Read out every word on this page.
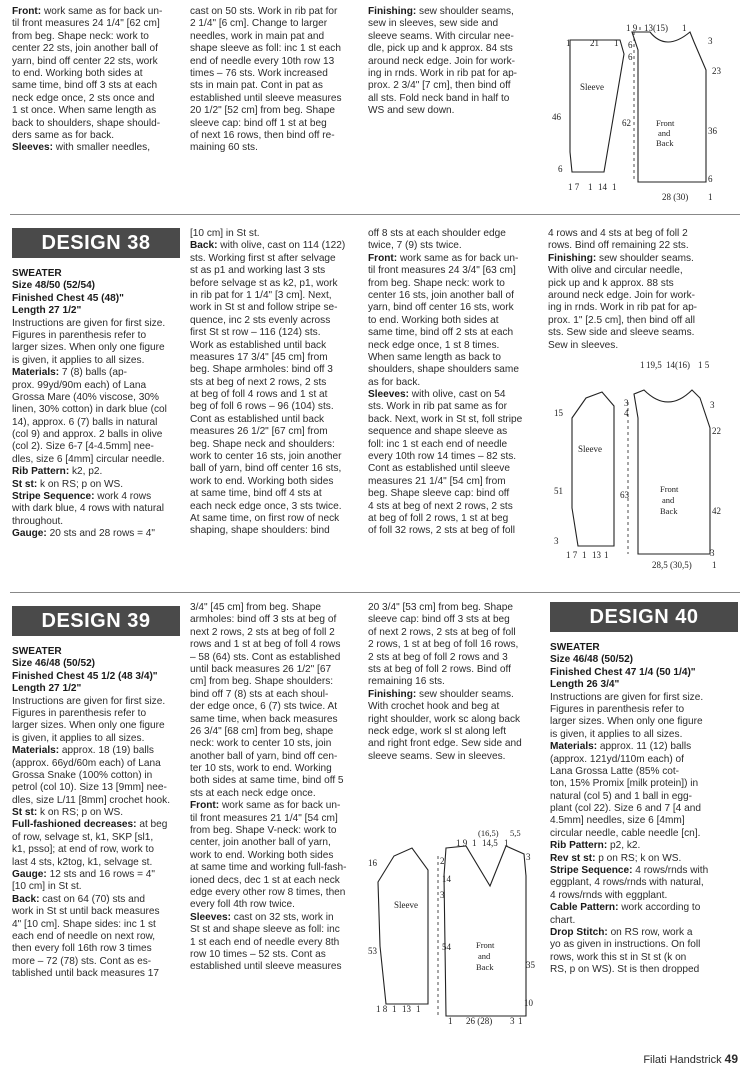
Front: work same as for back un-
til front measures 24 1/4" [62 cm]
from beg. Shape neck: work to
center 22 sts, join another ball of
yarn, bind off center 22 sts, work
to end. Working both sides at
same time, bind off 3 sts at each
neck edge once, 2 sts once and
1 st once. When same length as
back to shoulders, shape should-
ders same as for back.
Sleeves: with smaller needles,
cast on 50 sts. Work in rib pat for
2 1/4" [6 cm]. Change to larger
needles, work in main pat and
shape sleeve as foll: inc 1 st each
end of needle every 10th row 13
times – 76 sts. Work increased
sts in main pat. Cont in pat as
established until sleeve measures
20 1/2" [52 cm] from beg. Shape
sleeve cap: bind off 1 st at beg
of next 16 rows, then bind off re-
maining 60 sts.
Finishing: sew shoulder seams,
sew in sleeves, sew side and
sleeve seams. With circular nee-
dle, pick up and k approx. 84 sts
around neck edge. Join for work-
ing in rnds. Work in rib pat for ap-
prox. 2 3/4" [7 cm], then bind off
all sts. Fold neck band in half to
WS and sew down.
1 9 13(15) 1
6
1 21 1
6
3
23
46
Sleeve
62	Front
and
Back
36
6
6
1 7 1 14 1
28 (30) 1
DESIGN 38
SWEATER
Size 48/50 (52/54)
Finished Chest 45 (48)"
Length 27 1/2"
Instructions are given for first size.
Figures in parenthesis refer to
larger sizes. When only one figure
is given, it applies to all sizes.
Materials: 7 (8) balls (ap-
prox. 99yd/90m each) of Lana
Grossa Mare (40% viscose, 30%
linen, 30% cotton) in dark blue (col
14), approx. 6 (7) balls in natural
(col 9) and approx. 2 balls in olive
(col 2). Size 6-7 [4-4.5mm] nee-
dles, size 6 [4mm] circular needle.
Rib Pattern: k2, p2.
St st: k on RS; p on WS.
Stripe Sequence: work 4 rows
with dark blue, 4 rows with natural
throughout.
Gauge: 20 sts and 28 rows = 4"
[10 cm] in St st.
Back: with olive, cast on 114 (122)
sts. Working first st after selvage
st as p1 and working last 3 sts
before selvage st as k2, p1, work
in rib pat for 1 1/4" [3 cm]. Next,
work in St st and follow stripe se-
quence, inc 2 sts evenly across
first St st row – 116 (124) sts.
Work as established until back
measures 17 3/4" [45 cm] from
beg. Shape armholes: bind off 3
sts at beg of next 2 rows, 2 sts
at beg of foll 4 rows and 1 st at
beg of foll 6 rows – 96 (104) sts.
Cont as established until back
measures 26 1/2" [67 cm] from
beg. Shape neck and shoulders:
work to center 16 sts, join another
ball of yarn, bind off center 16 sts,
work to end. Working both sides
at same time, bind off 4 sts at
each neck edge once, 3 sts twice.
At same time, on first row of neck
shaping, shape shoulders: bind
off 8 sts at each shoulder edge
twice, 7 (9) sts twice.
Front: work same as for back un-
til front measures 24 3/4" [63 cm]
from beg. Shape neck: work to
center 16 sts, join another ball of
yarn, bind off center 16 sts, work
to end. Working both sides at
same time, bind off 2 sts at each
neck edge once, 1 st 8 times.
When same length as back to
shoulders, shape shoulders same
as for back.
Sleeves: with olive, cast on 54
sts. Work in rib pat same as for
back. Next, work in St st, foll stripe
sequence and shape sleeve as
foll: inc 1 st each end of needle
every 10th row 14 times – 82 sts.
Cont as established until sleeve
measures 21 1/4" [54 cm] from
beg. Shape sleeve cap: bind off
4 sts at beg of next 2 rows, 2 sts
at beg of foll 2 rows, 1 st at beg
of foll 32 rows, 2 sts at beg of foll
4 rows and 4 sts at beg of foll 2
rows. Bind off remaining 22 sts.
Finishing: sew shoulder seams.
With olive and circular needle,
pick up and k approx. 88 sts
around neck edge. Join for work-
ing in rnds. Work in rib pat for ap-
prox. 1" [2.5 cm], then bind off all
sts. Sew side and sleeve seams.
Sew in sleeves.
19,5 14(16) 1 5
1
15
3
4
3
22
Sleeve
51	63
Front
and
Back	42
3
1 7 1 13 1	3
28,5 (30,5) 1
DESIGN 39
SWEATER
Size 46/48 (50/52)
Finished Chest 45 1/2 (48 3/4)"
Length 27 1/2"
Instructions are given for first size.
Figures in parenthesis refer to
larger sizes. When only one figure
is given, it applies to all sizes.
Materials: approx. 18 (19) balls
(approx. 66yd/60m each) of Lana
Grossa Snake (100% cotton) in
petrol (col 10). Size 13 [9mm] nee-
dles, size L/11 [8mm] crochet hook.
St st: k on RS; p on WS.
Full-fashioned decreases: at beg
of row, selvage st, k1, SKP [sl1,
k1, psso]; at end of row, work to
last 4 sts, k2tog, k1, selvage st.
Gauge: 12 sts and 16 rows = 4"
[10 cm] in St st.
Back: cast on 64 (70) sts and
work in St st until back measures
4" [10 cm]. Shape sides: inc 1 st
each end of needle on next row,
then every foll 16th row 3 times
more – 72 (78) sts. Cont as es-
tablished until back measures 17
3/4" [45 cm] from beg. Shape
armholes: bind off 3 sts at beg of
next 2 rows, 2 sts at beg of foll 2
rows and 1 st at beg of foll 4 rows
– 58 (64) sts. Cont as established
until back measures 26 1/2" [67
cm] from beg. Shape shoulders:
bind off 7 (8) sts at each shoul-
der edge once, 6 (7) sts twice. At
same time, when back measures
26 3/4" [68 cm] from beg, shape
neck: work to center 10 sts, join
another ball of yarn, bind off cen-
ter 10 sts, work to end. Working
both sides at same time, bind off 5
sts at each neck edge once.
Front: work same as for back un-
til front measures 21 1/4" [54 cm]
from beg. Shape V-neck: work to
center, join another ball of yarn,
work to end. Working both sides
at same time and working full-fash-
ioned decs, dec 1 st at each neck
edge every other row 8 times, then
every foll 4th row twice.
Sleeves: cast on 32 sts, work in
St st and shape sleeve as foll: inc
1 st each end of needle every 8th
row 10 times – 52 sts. Cont as
established until sleeve measures
20 3/4" [53 cm] from beg. Shape
sleeve cap: bind off 3 sts at beg
of next 2 rows, 2 sts at beg of foll
2 rows, 1 st at beg of foll 16 rows,
2 sts at beg of foll 2 rows and 3
sts at beg of foll 2 rows. Bind off
remaining 16 sts.
Finishing: sew shoulder seams.
With crochet hook and beg at
right shoulder, work sc along back
neck edge, work sl st along left
and right front edge. Sew side and
sleeve seams. Sew in sleeves.
(16,5) 5,5
1 9 1 14,5 1
16	2
14
3
3
Sleeve
53	54	Front
and
Back	35
1 8 1 13 1
10
1 26 (28) 3 1
DESIGN 40
SWEATER
Size 46/48 (50/52)
Finished Chest 47 1/4 (50 1/4)"
Length 26 3/4"
Instructions are given for first size.
Figures in parenthesis refer to
larger sizes. When only one figure
is given, it applies to all sizes.
Materials: approx. 11 (12) balls
(approx. 121yd/110m each) of
Lana Grossa Latte (85% cot-
ton, 15% Promix [milk protein]) in
natural (col 5) and 1 ball in egg-
plant (col 22). Size 6 and 7 [4 and
4.5mm] needles, size 6 [4mm]
circular needle, cable needle [cn].
Rib Pattern: p2, k2.
Rev st st: p on RS; k on WS.
Stripe Sequence: 4 rows/rnds with
eggplant, 4 rows/rnds with natural,
4 rows/rnds with eggplant.
Cable Pattern: work according to
chart.
Drop Stitch: on RS row, work a
yo as given in instructions. On foll
rows, work this st in St st (k on
RS, p on WS). St is then dropped
Filati Handstrick 49
